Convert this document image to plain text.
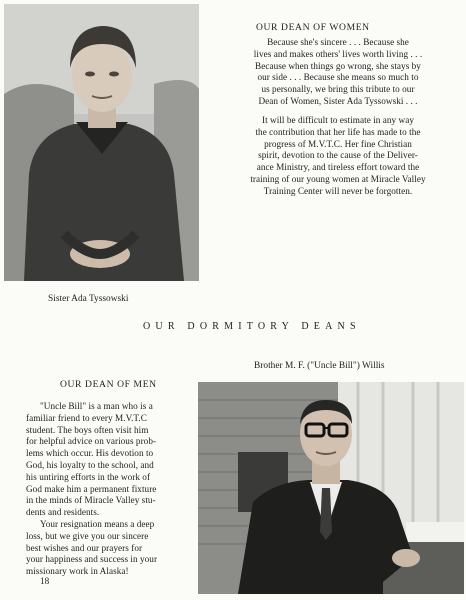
OUR DEAN OF WOMEN

Because she's sincere . . . Because she

lives and makes others' lives worth living . . .

Because when things go wrong, she stays by

our side . . . Because she means so much to

us personally, we bring this tribute to our

Dean of Women, Sister Ada Tyssowski . . .

It will be difficult to estimate in any way

the contribution that her life has made to the

progress of M.V.T.C. Her fine Christian

spirit, devotion to the cause of the Deliver-

ance Ministry, and tireless effort toward the

training of our young women at Miracle Valley

Training Center will never be forgotten.

Sister Ada Tyssowski
OUR DORMITORY DEANS
Brother M. F. ("Uncle Bill") Willis
OUR DEAN OF MEN

"Uncle Bill" is a man who is a

familiar friend to every M.V.T.C

student. The boys often visit him

for helpful advice on various prob-

lems which occur. His devotion to

God, his loyalty to the school, and

his untiring efforts in the work of

God make him a permanent fixture

in the minds of Miracle Valley stu-

dents and residents.

Your resignation means a deep

loss, but we give you our sincere

best wishes and our prayers for

your happiness and success in your

missionary work in Alaska!

18
